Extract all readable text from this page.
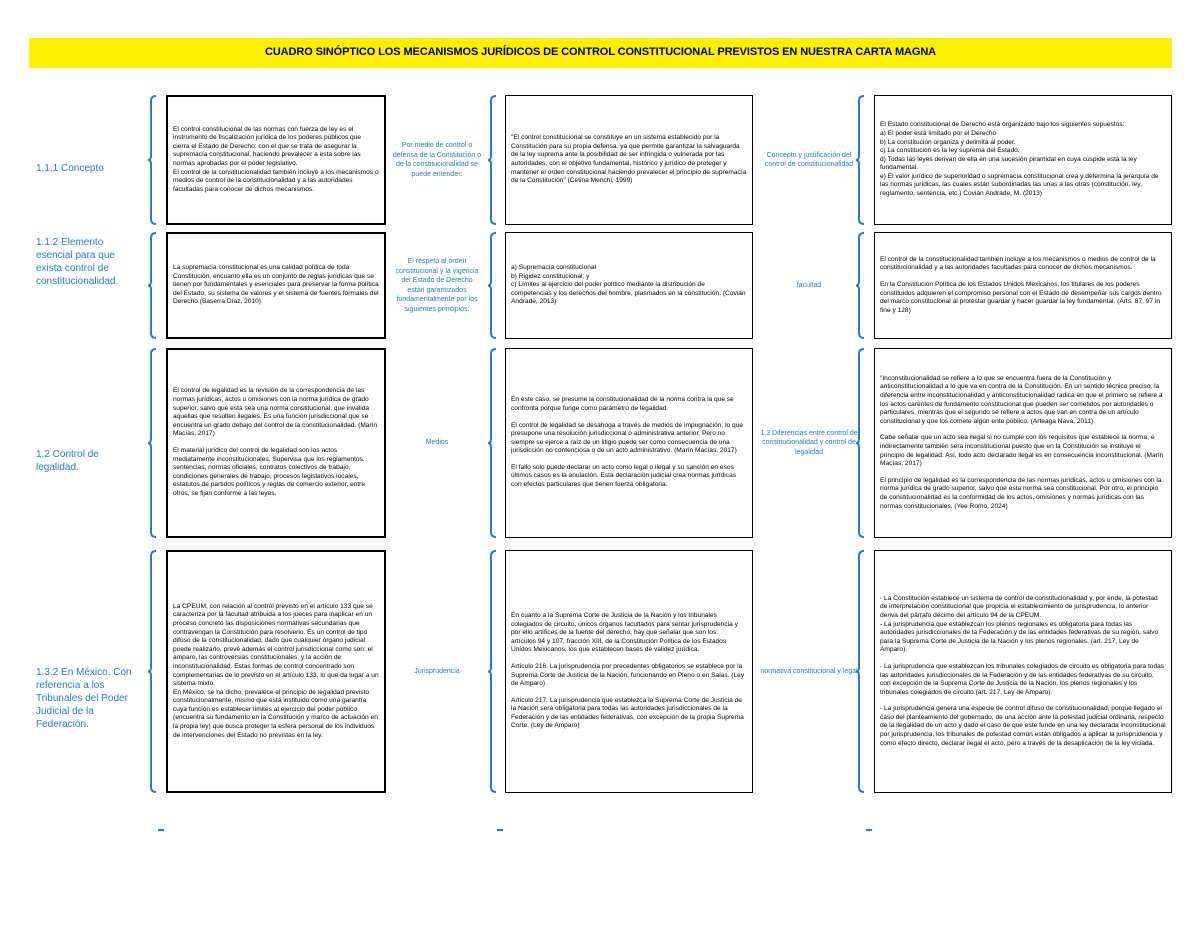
CUADRO SINÓPTICO LOS MECANISMOS JURÍDICOS DE CONTROL CONSTITUCIONAL PREVISTOS EN NUESTRA CARTA MAGNA
1.1.1 Concepto

El control constitucional de las normas con fuerza de ley es el instrumento de fiscalización jurídica de los poderes públicos que cierra el Estado de Derecho: con el que se trata de asegurar la supremacía constitucional, haciendo prevalecer a esta sobre las normas aprobadas por el poder legislativo.
El control de la constitucionalidad también incluye a los mecanismos o medios de control de la constitucionalidad y a las autoridades facultadas para conocer de dichos mecanismos.

Por medio de control o defensa de la Constitución o de la constitucionalidad se puede entender:

"El control constitucional se constituye en un sistema establecido por la Constitución para su propia defensa, ya que permite garantizar la salvaguarda de la ley suprema ante la posibilidad de ser infringida o vulnerada por las autoridades, con el objetivo fundamental, histórico y jurídico de proteger y mantener el orden constitucional haciendo prevalecer el principio de supremacía de la Constitución" (Cetina Menchi, 1999)

Concepto y justificación del control de constitucionalidad

El Estado constitucional de Derecho está organizado bajo los siguientes supuestos:
a) El poder está limitado por el Derecho
b) La constitución organiza y delimita al poder.
c) La constitución es la ley suprema del Estado.
d) Todas las leyes derivan de ella en una sucesión piramidal en cuya cúspide está la ley fundamental.
e) El valor jurídico de superioridad o supremacía constitucional crea y determina la jerarquía de las normas jurídicas, las cuales están subordinadas las unas a las otras (constitución, ley, reglamento, sentencia, etc.) Covián Andrade, M. (2013)

1.1.2 Elemento esencial para que exista control de constitucionalidad.

La supremacía constitucional es una calidad política de toda Constitución, encuanto ella es un conjunto de reglas jurídicas que se tienen por fundamentales y esenciales para preservar la forma política del Estado, su sistema de valores y el sistema de fuentes formales del Derecho.(Baserra Díaz, 2010)

El respeto al orden constitucional y la vigencia del Estado de Derecho están garantizados fundamentalmente por los siguientes principios:

a) Supremacía constitucional
b) Rigidez constitucional; y
c) Límites al ejercicio del poder político mediante la distribución de competencias y los derechos del hombre, plasmados en la constitución. (Covián Andrade, 2013)

facultad

El control de la constitucionalidad también incluye a los mecanismos o medios de control de la constitucionalidad y a las autoridades facultadas para conocer de dichos mecanismos.

En la Constitución Política de los Estados Unidos Mexicanos, los titulares de los poderes constituidos adquieren el compromiso personal con el Estado de desempeñar sus cargos dentro del marco constitucional al protestar guardar y hacer guardar la ley fundamental. (Arts. 87, 97 in fine y 128)

1.2 Control de legalidad.

El control de legalidad es la revisión de la correspondencia de las normas jurídicas, actos u omisiones con la norma jurídica de grado superior, salvo que esta sea una norma constitucional, que invalida aquellas que resulten ilegales. Es una función jurisdiccional que se encuentra un grado debajo del control de la constitucionalidad. (Marín Macías, 2017)

El material jurídico del control de legalidad son los actos mediatamente inconstitucionales. Supervisa que los reglamentos, sentencias, normas oficiales, contratos colectivos de trabajo, condiciones generales de trabajo, procesos legislativos locales, estatutos de partidos políticos y reglas de comercio exterior, entre otros, se fijan conforme a las leyes.

Medios

En este caso, se presume la constitucionalidad de la norma contra la que se confronta porque funge como parámetro de legalidad

El control de legalidad se desahoga a través de medios de impugnación, lo que presupone una resolución jurisdiccional o administrativa anterior. Pero no siempre se ejerce a raíz de un litigio puede ser como consecuencia de una jurisdicción no contenciosa o de un acto administrativo. (Marín Macías, 2017)

El fallo solo puede declarar un acto como legal o ilegal y su sanción en esos últimos casos es la anulación. Esta declaración judicial crea normas jurídicas con efectos particulares que tienen fuerza obligatoria.

1.3 Diferencias entre control de constitucionalidad y control de legalidad

"Inconstitucionalidad se refiere a lo que se encuentra fuera de la Constitución y anticonstitucionalidad a lo que va en contra de la Constitución. En un sentido técnico preciso, la diferencia entre inconstitucionalidad y anticonstitucionalidad radica en que el primero se refiere a los actos carentes de fundamento constitucional que pueden ser cometidos por autoridades o particulares, mientras que el segundo se refiere a actos que van en contra de un artículo constitucional y que los comete algún ente público. (Arteaga Nava, 2011).

Cabe señalar que un acto sea ilegal si no cumple con los requisitos que establece la norma, e indirectamente también sera inconstitucional puesto que en la Constitución se instituye el principio de legalidad. Así, todo acto declarado ilegal es en consecuencia inconstitucional. (Marín Macías, 2017)

El principio de legalidad es la correspondencia de las normas jurídicas, actos u omisiones con la norma jurídica de grado superior, salvo que esta norma sea constitucional. Por otro, el principio de constitucionalidad es la conformidad de los actos, omisiones y normas jurídicas con las normas constitucionales. (Yee Romo, 2024)

1.3.2 En México. Con referencia a los Tribunales del Poder Judicial de la Federación.

La CPEUM, con relación al control previsto en el artículo 133 que se caracteriza por la facultad atribuida a los jueces para inaplicar en un proceso concreto las disposiciones normativas secundarias que contravengan la Constitución para resolverlo. Es un control de tipo difuso de la constitucionalidad, dado que cualquier órgano judicial puede realizarlo, prevé además el control jurisdiccional como son: el amparo, las controversias constitucionales, y la acción de inconstitucionalidad. Estas formas de control concentrado son complementarias de lo previsto en el artículo 133, lo que da lugar a un sistema mixto.
En México, se ha dicho, prevalece el principio de legalidad previsto constitucionalmente, mismo que está instituido como una garantía cuya función es establecer límites al ejercicio del poder público (encuentra su fundamento en la Constitución y marco de actuación en la propia ley) que busca proteger la esfera personal de los individuos de intervenciones del Estado no previstas en la ley.

Jurisprudencia

En cuanto a la Suprema Corte de Justicia de la Nación y los tribunales colegiados de circuito, únicos órganos facultados para sentar jurisprudencia y por ello artífices de la fuente del derecho, hay que señalar que son los:
artículos 94 y 107, fracción XIII, de la Constitución Política de los Estados Unidos Mexicanos, los que establecen bases de validez jurídica.

Artículo 216. La jurisprudencia por precedentes obligatorios se establece por la Suprema Corte de Justicia de la Nación, funcionando en Pleno o en Salas. (Ley de Amparo)

Artículo 217. La jurisprudencia que establezca la Suprema Corte de Justicia de la Nación será obligatoria para todas las autoridades jurisdiccionales de la Federación y de las entidades federativas, con excepción de la propia Suprema Corte. (Ley de Amparo)

normativa constitucional y legal

- La Constitución establece un sistema de control de constitucionalidad y, por ende, la potestad de interpretación constitucional que propicia el establecimiento de jurisprudencia, lo anterior deriva del párrafo décimo del artículo 94 de la CPEUM.
- La jurisprudencia que establezcan los plenos regionales es obligatoria para todas las autoridades jurisdiccionales de la Federación y de las entidades federativas de su región, salvo para la Suprema Corte de Justicia de la Nación y los plenos regionales. (art. 217, Ley de Amparo).

- La jurisprudencia que establezcan los tribunales colegiados de circuito es obligatoria para todas las autoridades jurisdiccionales de la Federación y de las entidades federativas de su circuito, con excepción de la Suprema Corte de Justicia de la Nación, los plenos regionales y los tribunales colegiados de circuito.(art. 217, Ley de Amparo).

- La jurisprudencia genera una especie de control difuso de constitucionalidad, porque llegado el caso del planteamiento del gobernado, de una acción ante la potestad judicial ordinaria, respecto de la ilegalidad de un acto y dado el caso de que este funde en una ley declarada inconstitucional por jurisprudencia, los tribunales de potestad común están obligados a aplicar la jurisprudencia y como efecto directo, declarar ilegal el acto, pero a través de la desaplicación de la ley viciada.
